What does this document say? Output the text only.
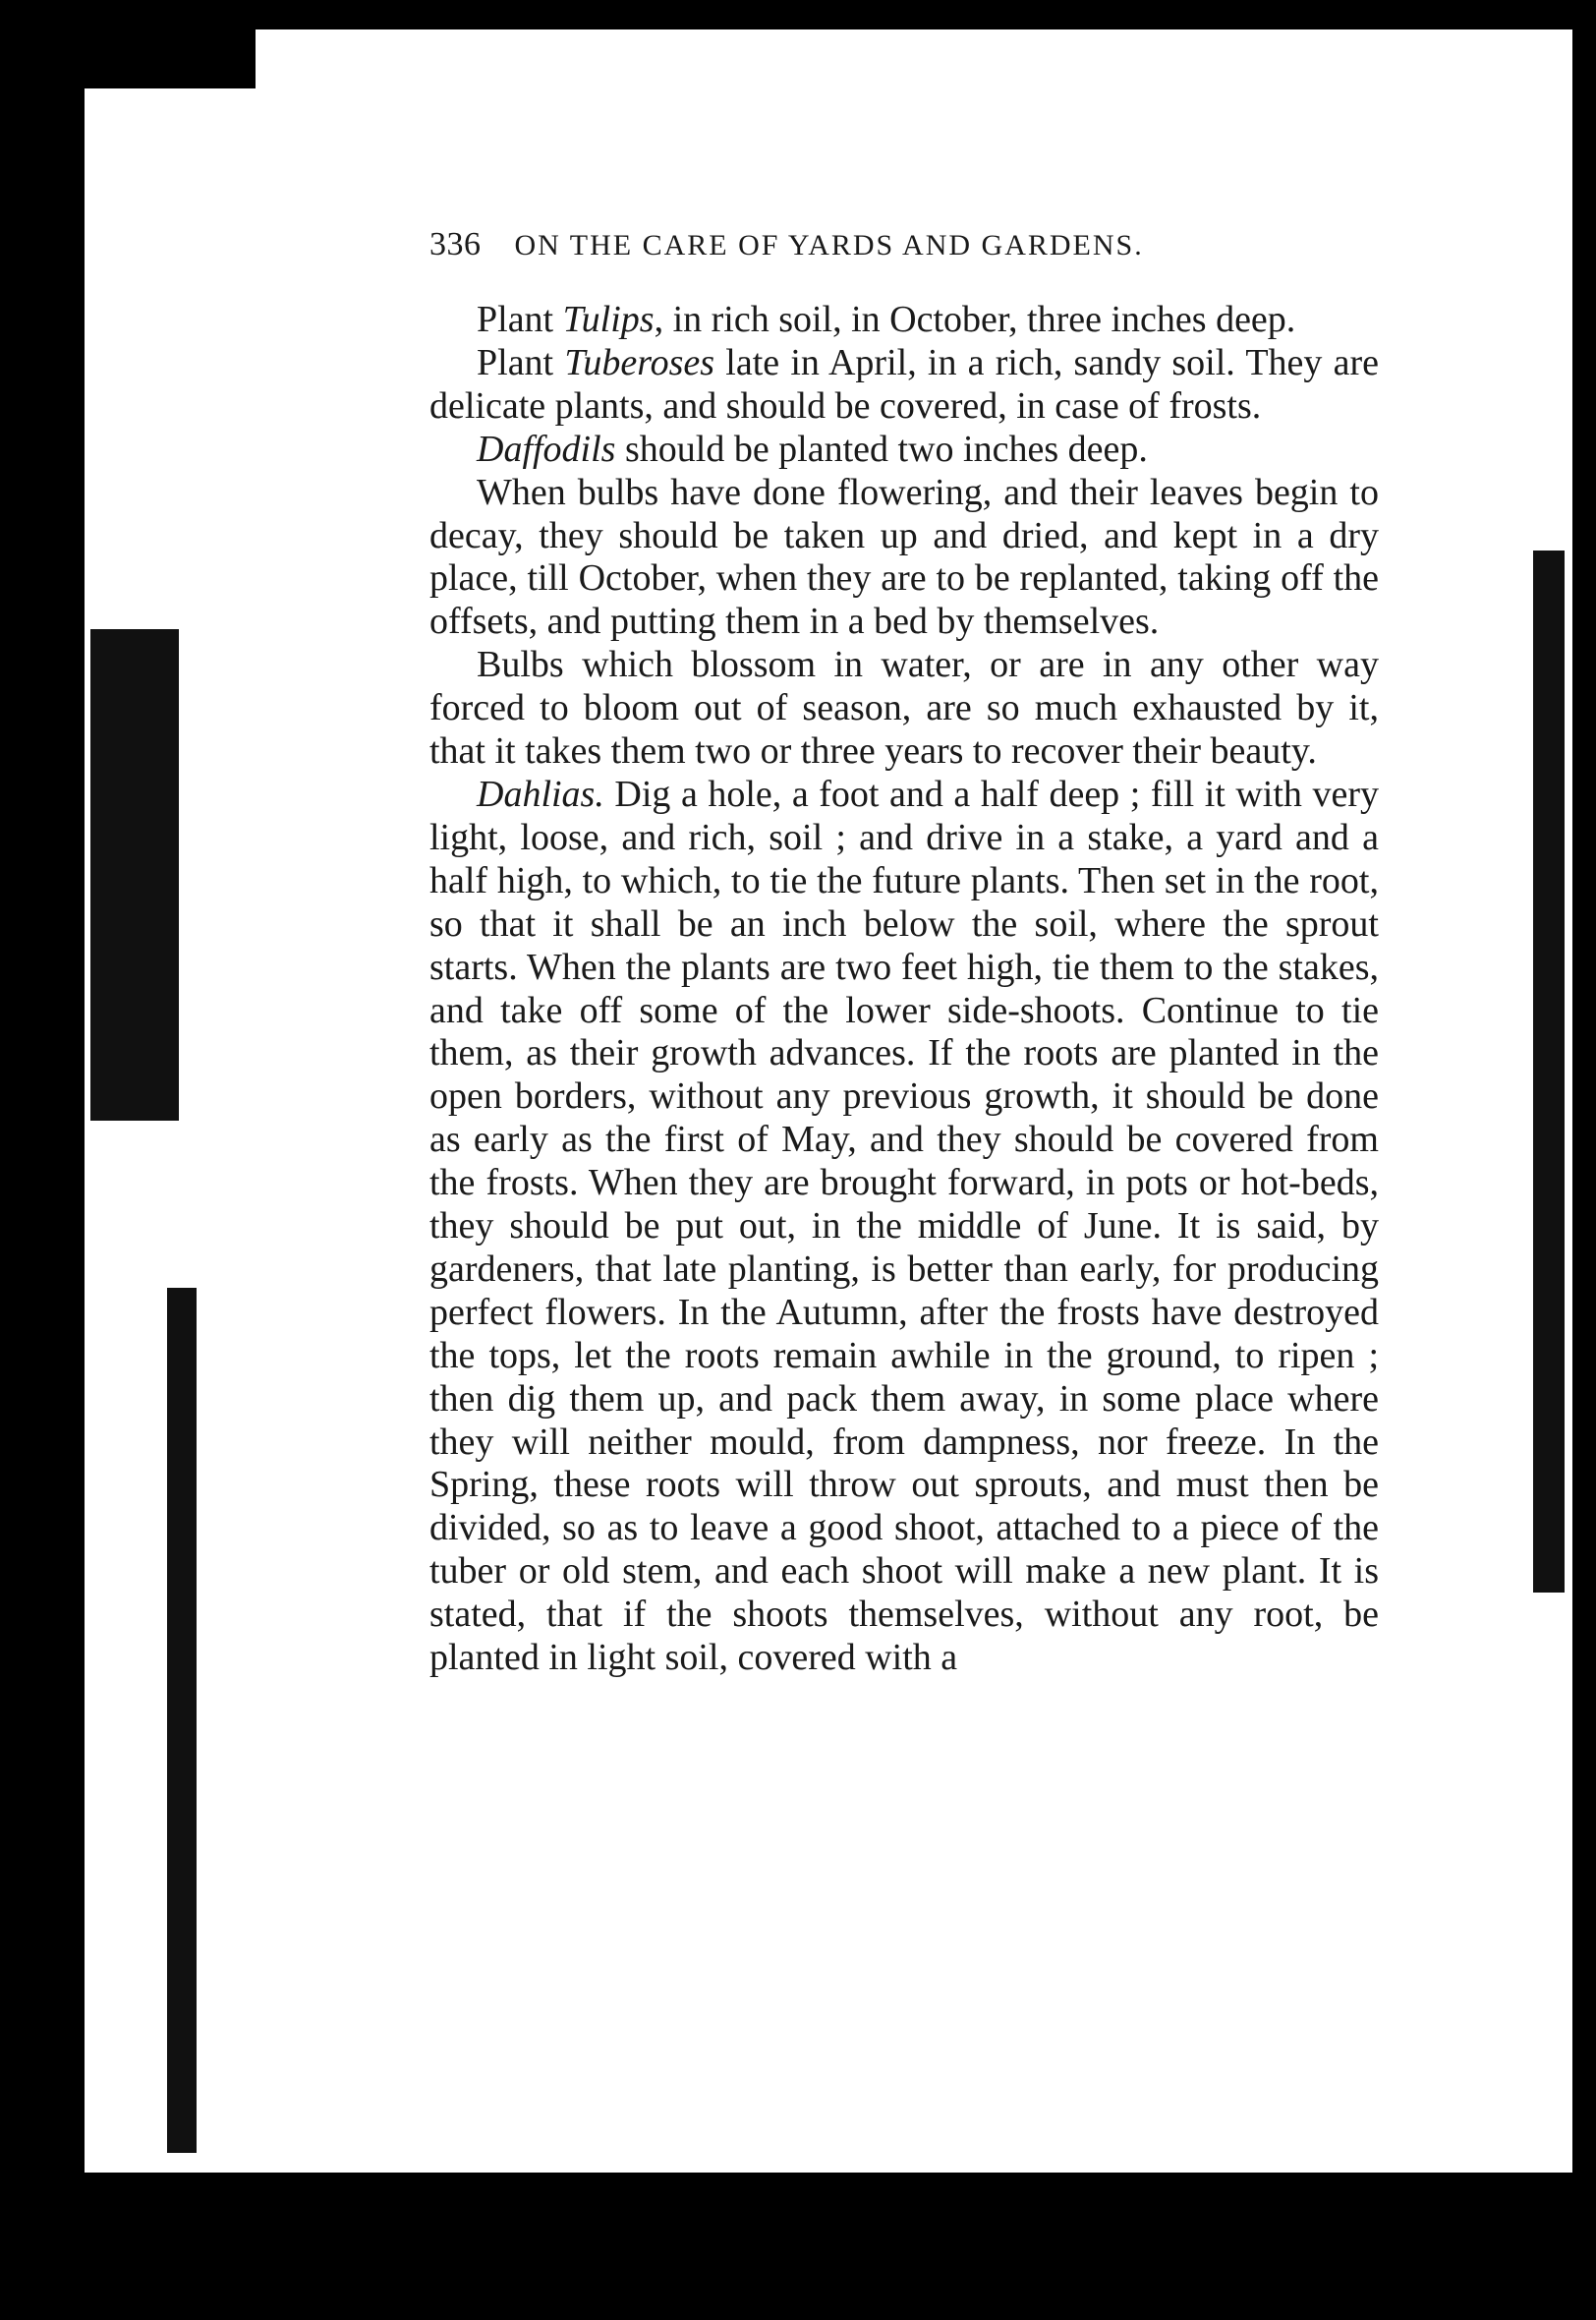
336 ON THE CARE OF YARDS AND GARDENS.

Plant Tulips, in rich soil, in October, three inches deep.

Plant Tuberoses late in April, in a rich, sandy soil. They are delicate plants, and should be covered, in case of frosts.

Daffodils should be planted two inches deep.

When bulbs have done flowering, and their leaves begin to decay, they should be taken up and dried, and kept in a dry place, till October, when they are to be replanted, taking off the offsets, and putting them in a bed by themselves.

Bulbs which blossom in water, or are in any other way forced to bloom out of season, are so much exhausted by it, that it takes them two or three years to recover their beauty.

Dahlias. Dig a hole, a foot and a half deep ; fill it with very light, loose, and rich, soil ; and drive in a stake, a yard and a half high, to which, to tie the future plants. Then set in the root, so that it shall be an inch below the soil, where the sprout starts. When the plants are two feet high, tie them to the stakes, and take off some of the lower side-shoots. Continue to tie them, as their growth advances. If the roots are planted in the open borders, without any previous growth, it should be done as early as the first of May, and they should be covered from the frosts. When they are brought forward, in pots or hot-beds, they should be put out, in the middle of June. It is said, by gardeners, that late planting, is better than early, for producing perfect flowers. In the Autumn, after the frosts have destroyed the tops, let the roots remain awhile in the ground, to ripen ; then dig them up, and pack them away, in some place where they will neither mould, from dampness, nor freeze. In the Spring, these roots will throw out sprouts, and must then be divided, so as to leave a good shoot, attached to a piece of the tuber or old stem, and each shoot will make a new plant. It is stated, that if the shoots themselves, without any root, be planted in light soil, covered with a
